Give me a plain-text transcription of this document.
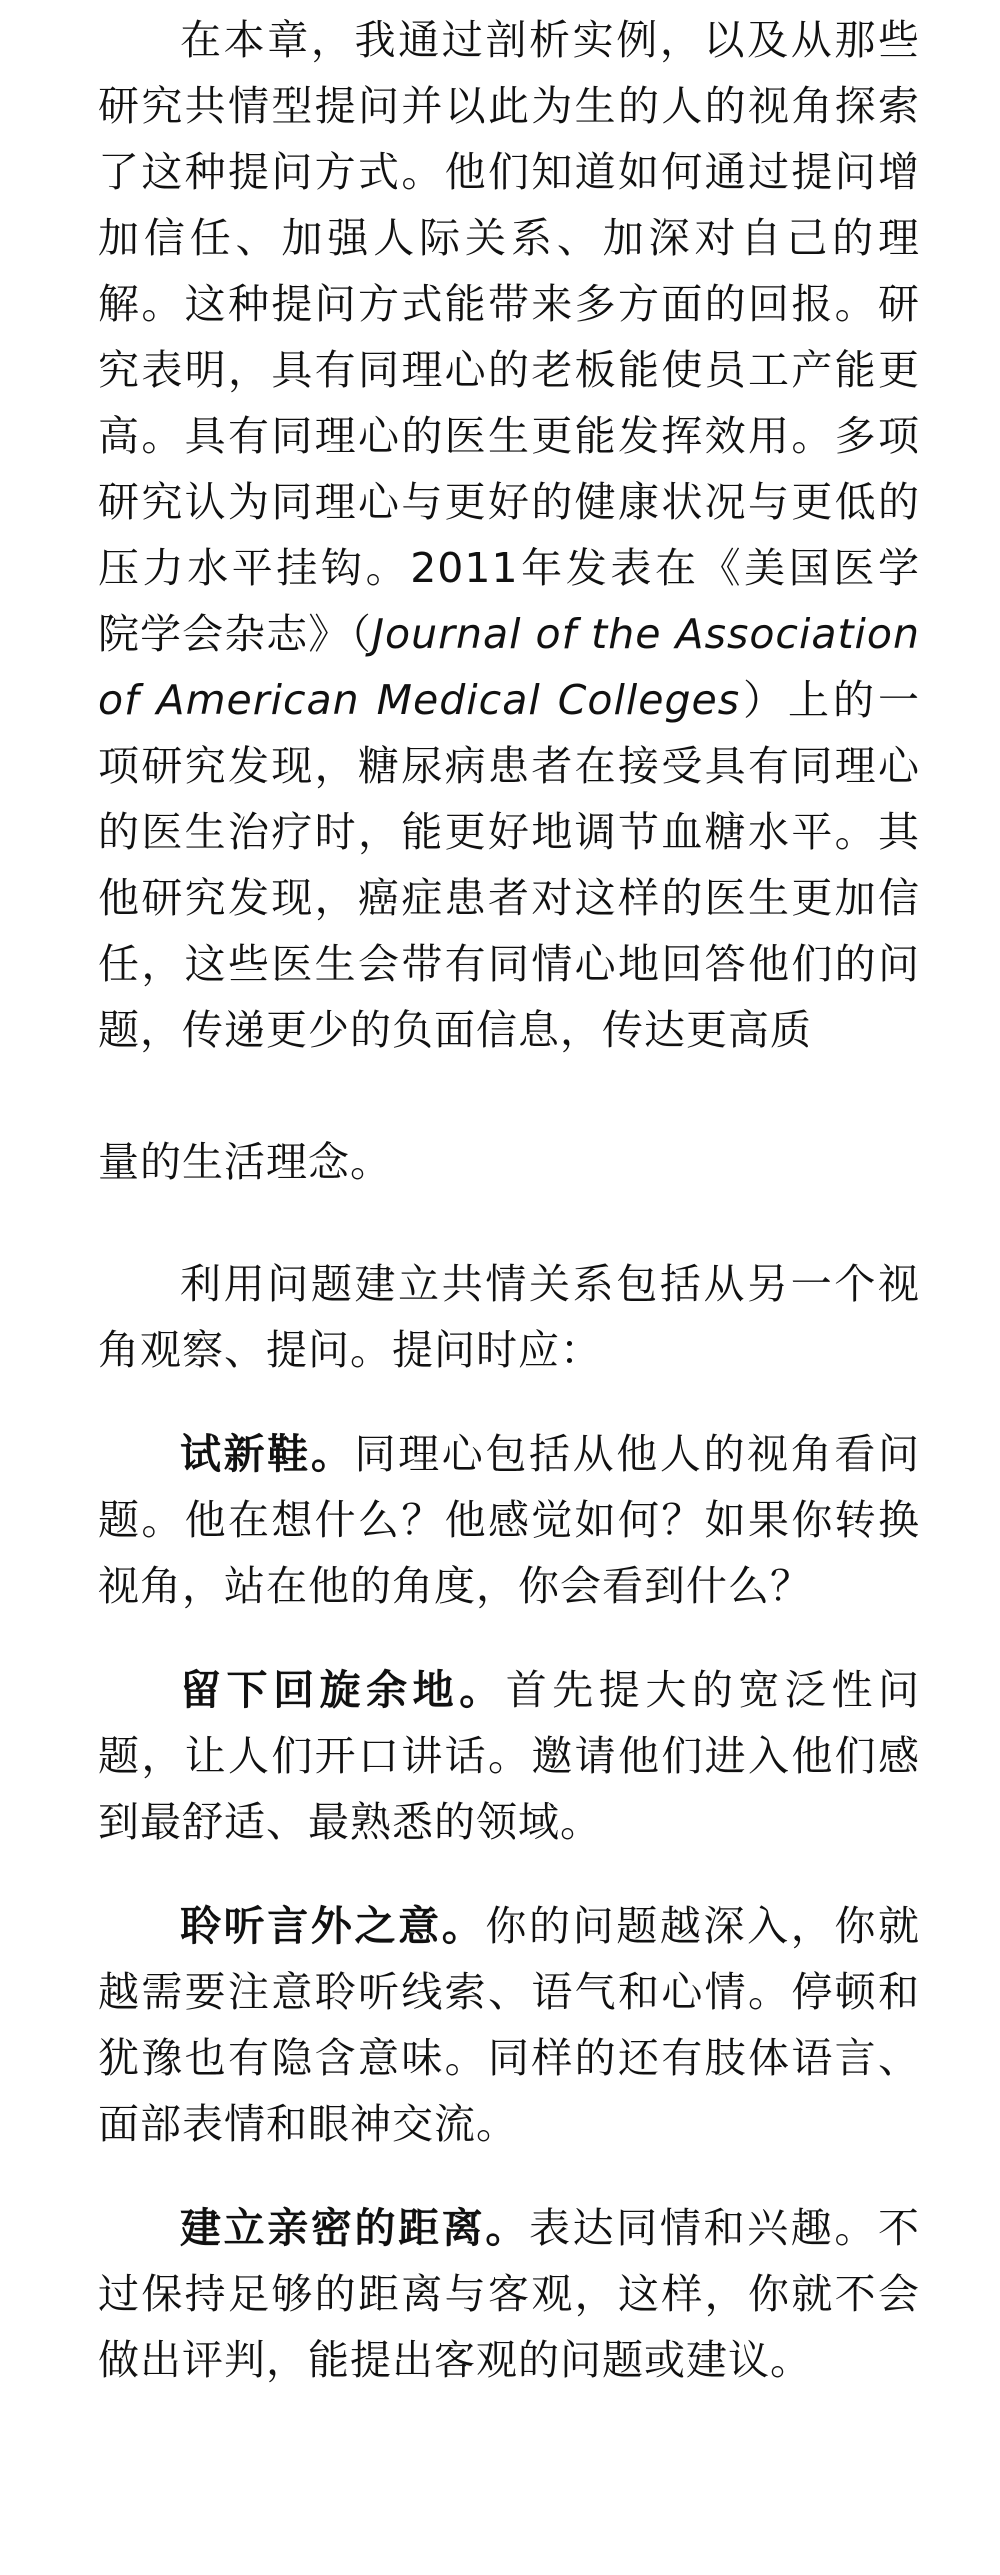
在本章，我通过剖析实例，以及从那些研究共情型提问并以此为生的人的视角探索了这种提问方式。他们知道如何通过提问增加信任、加强人际关系、加深对自己的理解。这种提问方式能带来多方面的回报。研究表明，具有同理心的老板能使员工产能更高。具有同理心的医生更能发挥效用。多项研究认为同理心与更好的健康状况与更低的压力水平挂钩。2011年发表在《美国医学院学会杂志》（Journal of the Association of American Medical Colleges）上的一项研究发现，糖尿病患者在接受具有同理心的医生治疗时，能更好地调节血糖水平。其他研究发现，癌症患者对这样的医生更加信任，这些医生会带有同情心地回答他们的问题，传递更少的负面信息，传达更高质

量的生活理念。

利用问题建立共情关系包括从另一个视角观察、提问。提问时应：

试新鞋。同理心包括从他人的视角看问题。他在想什么？他感觉如何？如果你转换视角，站在他的角度，你会看到什么？

留下回旋余地。首先提大的宽泛性问题，让人们开口讲话。邀请他们进入他们感到最舒适、最熟悉的领域。

聆听言外之意。你的问题越深入，你就越需要注意聆听线索、语气和心情。停顿和犹豫也有隐含意味。同样的还有肢体语言、面部表情和眼神交流。

建立亲密的距离。表达同情和兴趣。不过保持足够的距离与客观，这样，你就不会做出评判，能提出客观的问题或建议。
